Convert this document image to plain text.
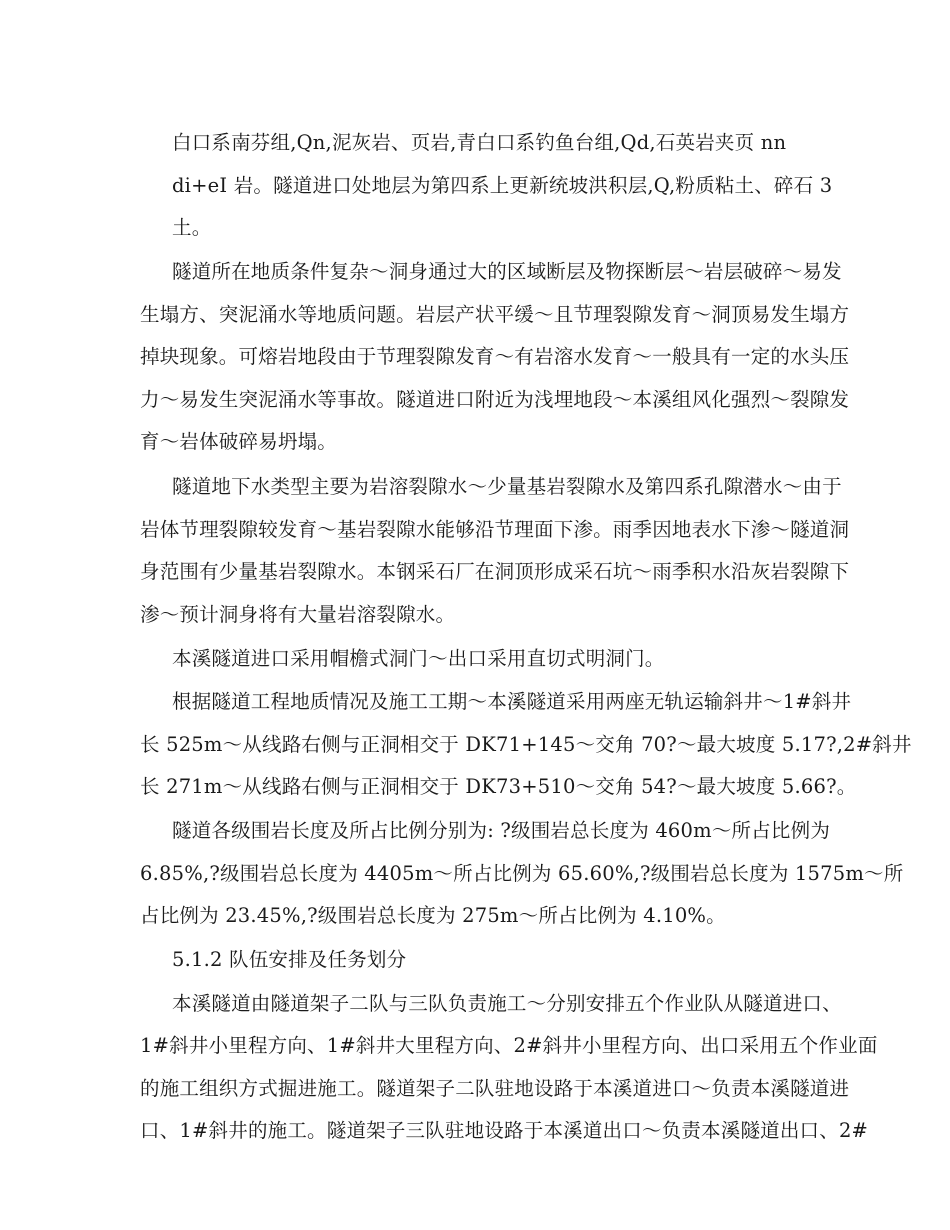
白口系南芬组,Qn,泥灰岩、页岩,青白口系钓鱼台组,Qd,石英岩夹页 nn
di+eI 岩。隧道进口处地层为第四系上更新统坡洪积层,Q,粉质粘土、碎石 3
土。
隧道所在地质条件复杂～洞身通过大的区域断层及物探断层～岩层破碎～易发
生塌方、突泥涌水等地质问题。岩层产状平缓～且节理裂隙发育～洞顶易发生塌方
掉块现象。可熔岩地段由于节理裂隙发育～有岩溶水发育～一般具有一定的水头压
力～易发生突泥涌水等事故。隧道进口附近为浅埋地段～本溪组风化强烈～裂隙发
育～岩体破碎易坍塌。
隧道地下水类型主要为岩溶裂隙水～少量基岩裂隙水及第四系孔隙潜水～由于
岩体节理裂隙较发育～基岩裂隙水能够沿节理面下渗。雨季因地表水下渗～隧道洞
身范围有少量基岩裂隙水。本钢采石厂在洞顶形成采石坑～雨季积水沿灰岩裂隙下
渗～预计洞身将有大量岩溶裂隙水。
本溪隧道进口采用帽檐式洞门～出口采用直切式明洞门。
根据隧道工程地质情况及施工工期～本溪隧道采用两座无轨运输斜井～1#斜井
长 525m～从线路右侧与正洞相交于 DK71+145～交角 70?～最大坡度 5.17?,2#斜井
长 271m～从线路右侧与正洞相交于 DK73+510～交角 54?～最大坡度 5.66?。
隧道各级围岩长度及所占比例分别为: ?级围岩总长度为 460m～所占比例为
6.85%,?级围岩总长度为 4405m～所占比例为 65.60%,?级围岩总长度为 1575m～所
占比例为 23.45%,?级围岩总长度为 275m～所占比例为 4.10%。
5.1.2 队伍安排及任务划分
本溪隧道由隧道架子二队与三队负责施工～分别安排五个作业队从隧道进口、
1#斜井小里程方向、1#斜井大里程方向、2#斜井小里程方向、出口采用五个作业面
的施工组织方式掘进施工。隧道架子二队驻地设路于本溪道进口～负责本溪隧道进
口、1#斜井的施工。隧道架子三队驻地设路于本溪道出口～负责本溪隧道出口、2#
